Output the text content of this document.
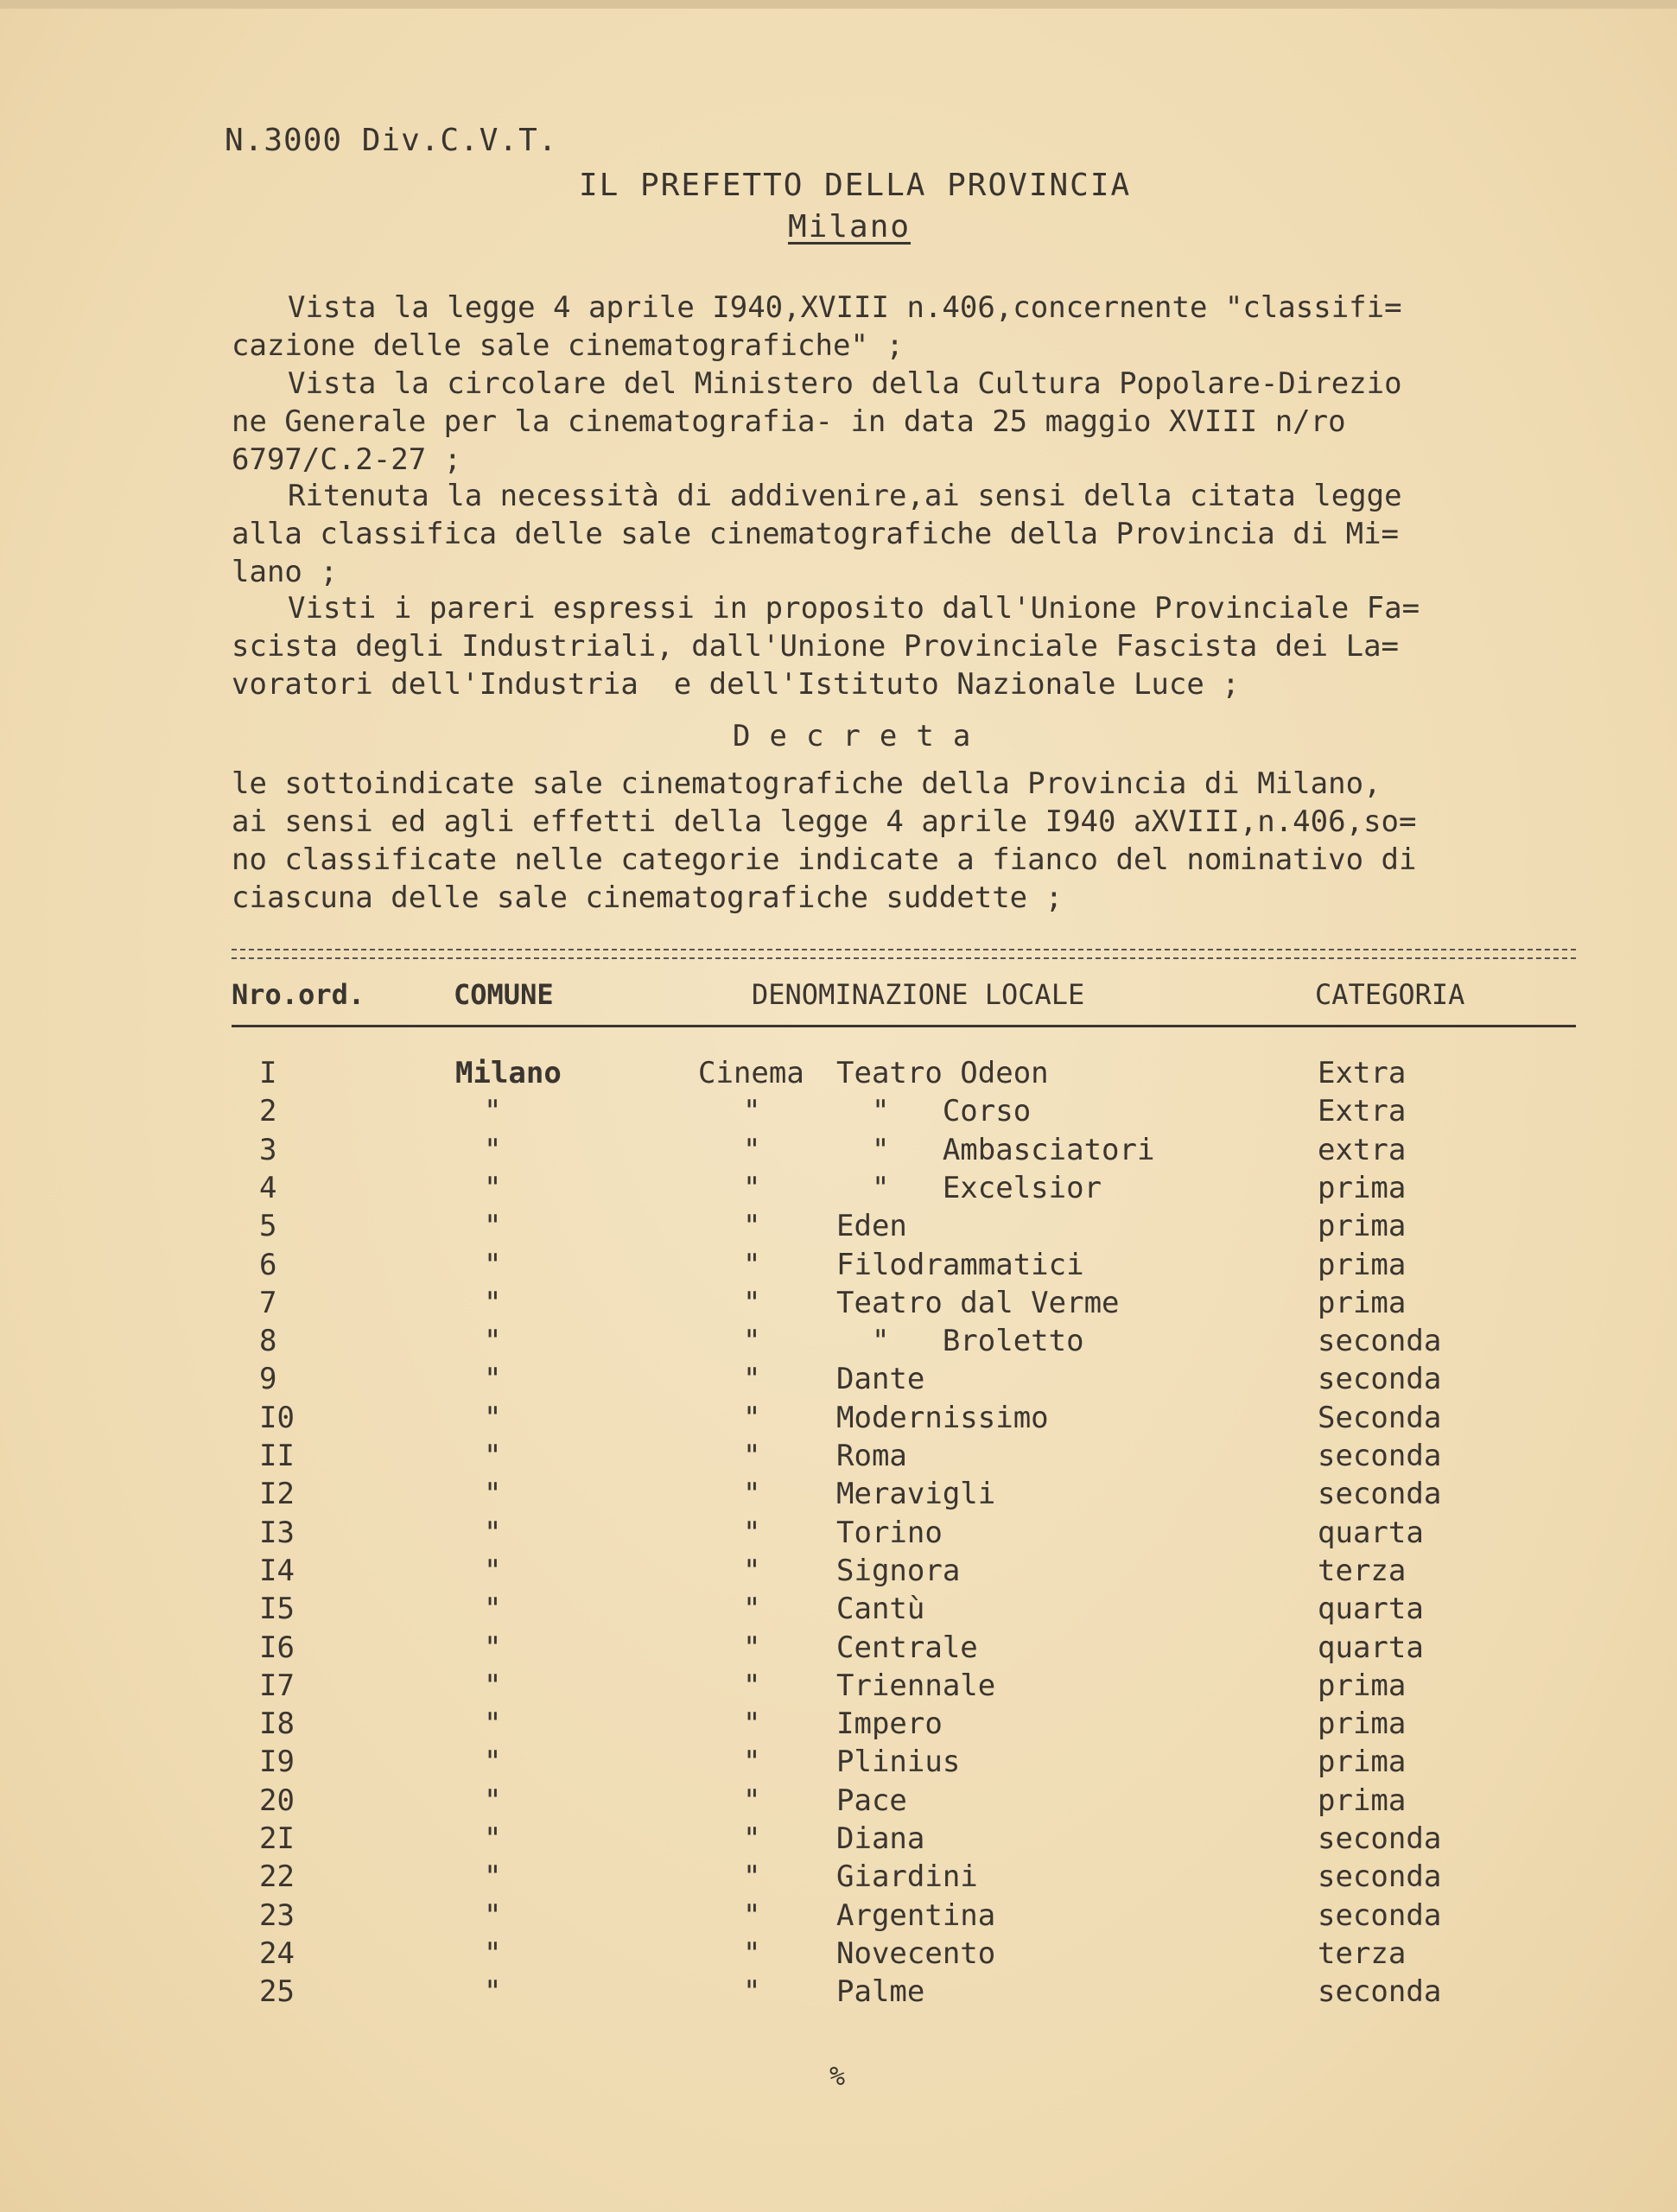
N.3000 Div.C.V.T.
IL PREFETTO DELLA PROVINCIA
Milano
Vista la legge 4 aprile I940,XVIII n.406,concernente "classifi=
cazione delle sale cinematografiche" ;
Vista la circolare del Ministero della Cultura Popolare-Direzio
ne Generale per la cinematografia- in data 25 maggio XVIII n/ro
6797/C.2-27 ;
Ritenuta la necessità di addivenire,ai sensi della citata legge
alla classifica delle sale cinematografiche della Provincia di Mi=
lano ;
Visti i pareri espressi in proposito dall'Unione Provinciale Fa=
scista degli Industriali, dall'Unione Provinciale Fascista dei La=
voratori dell'Industria  e dell'Istituto Nazionale Luce ;
Decreta
le sottoindicate sale cinematografiche della Provincia di Milano,
ai sensi ed agli effetti della legge 4 aprile I940 aXVIII,n.406,so=
no classificate nelle categorie indicate a fianco del nominativo di
ciascuna delle sale cinematografiche suddette ;
Nro.ord.	COMUNE	DENOMINAZIONE LOCALE	CATEGORIA
I	Milano	Cinema Teatro Odeon	Extra
2	"	"	"   Corso	Extra
3	"	"	"   Ambasciatori	extra
4	"	"	"   Excelsior	prima
5	"	"	Eden	prima
6	"	"	Filodrammatici	prima
7	"	"	Teatro dal Verme	prima
8	"	"	"   Broletto	seconda
9	"	"	Dante	seconda
I0	"	"	Modernissimo	Seconda
II	"	"	Roma	seconda
I2	"	"	Meravigli	seconda
I3	"	"	Torino	quarta
I4	"	"	Signora	terza
I5	"	"	Cantù	quarta
I6	"	"	Centrale	quarta
I7	"	"	Triennale	prima
I8	"	"	Impero	prima
I9	"	"	Plinius	prima
20	"	"	Pace	prima
2I	"	"	Diana	seconda
22	"	"	Giardini	seconda
23	"	"	Argentina	seconda
24	"	"	Novecento	terza
25	"	"	Palme	seconda
%
